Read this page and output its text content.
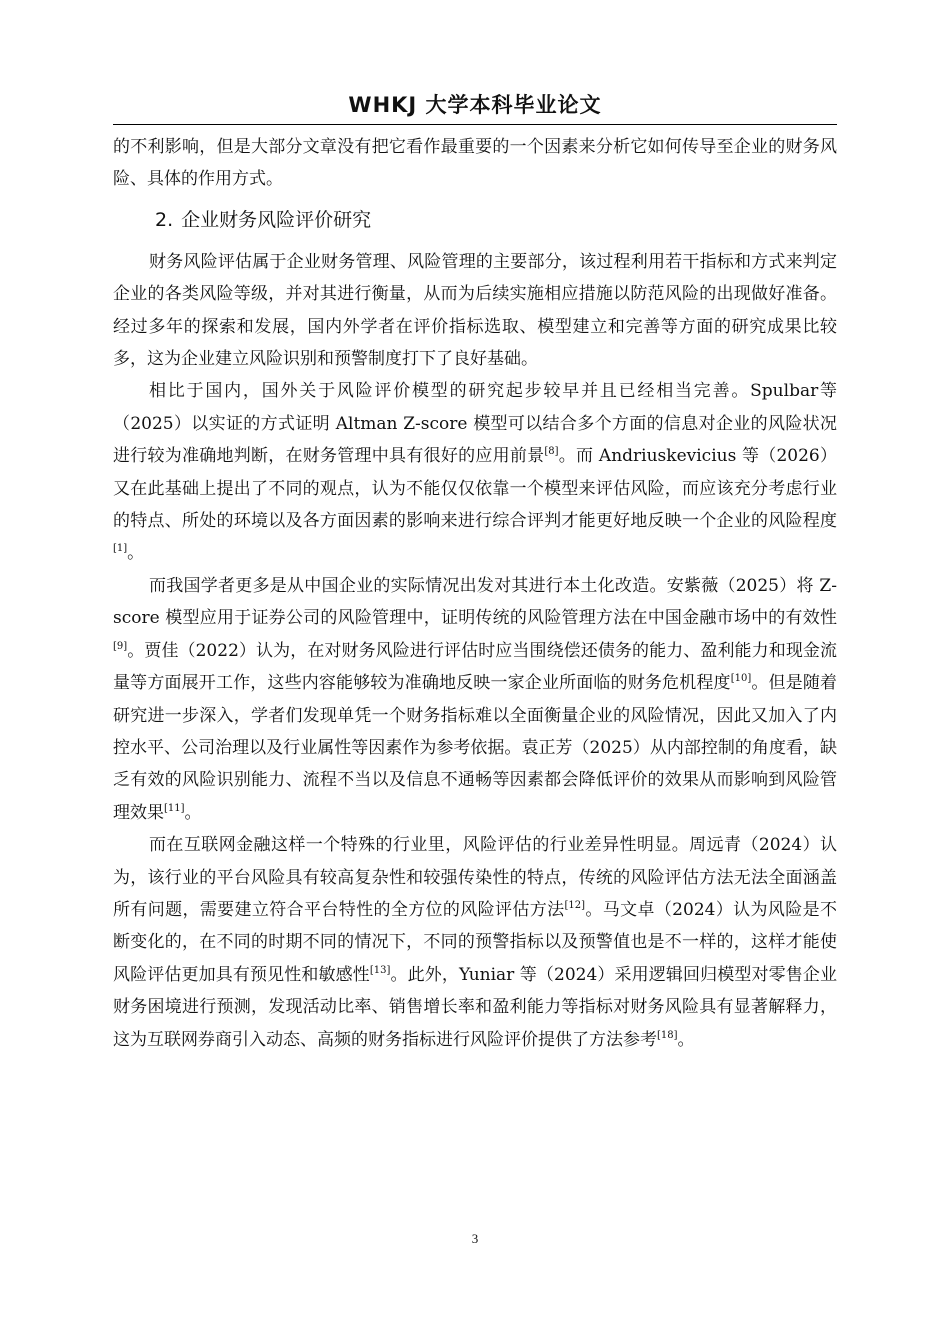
WHKJ 大学本科毕业论文

的不利影响，但是大部分文章没有把它看作最重要的一个因素来分析它如何传导至企业的财务风险、具体的作用方式。

2. 企业财务风险评价研究

财务风险评估属于企业财务管理、风险管理的主要部分，该过程利用若干指标和方式来判定企业的各类风险等级，并对其进行衡量，从而为后续实施相应措施以防范风险的出现做好准备。经过多年的探索和发展，国内外学者在评价指标选取、模型建立和完善等方面的研究成果比较多，这为企业建立风险识别和预警制度打下了良好基础。

相比于国内，国外关于风险评价模型的研究起步较早并且已经相当完善。Spulbar等（2025）以实证的方式证明 Altman Z-score 模型可以结合多个方面的信息对企业的风险状况进行较为准确地判断，在财务管理中具有很好的应用前景[8]。而 Andriuskevicius 等（2026）又在此基础上提出了不同的观点，认为不能仅仅依靠一个模型来评估风险，而应该充分考虑行业的特点、所处的环境以及各方面因素的影响来进行综合评判才能更好地反映一个企业的风险程度[1]。

而我国学者更多是从中国企业的实际情况出发对其进行本土化改造。安紫薇（2025）将 Z-score 模型应用于证券公司的风险管理中，证明传统的风险管理方法在中国金融市场中的有效性[9]。贾佳（2022）认为，在对财务风险进行评估时应当围绕偿还债务的能力、盈利能力和现金流量等方面展开工作，这些内容能够较为准确地反映一家企业所面临的财务危机程度[10]。但是随着研究进一步深入，学者们发现单凭一个财务指标难以全面衡量企业的风险情况，因此又加入了内控水平、公司治理以及行业属性等因素作为参考依据。袁正芳（2025）从内部控制的角度看，缺乏有效的风险识别能力、流程不当以及信息不通畅等因素都会降低评价的效果从而影响到风险管理效果[11]。

而在互联网金融这样一个特殊的行业里，风险评估的行业差异性明显。周远青（2024）认为，该行业的平台风险具有较高复杂性和较强传染性的特点，传统的风险评估方法无法全面涵盖所有问题，需要建立符合平台特性的全方位的风险评估方法[12]。马文卓（2024）认为风险是不断变化的，在不同的时期不同的情况下，不同的预警指标以及预警值也是不一样的，这样才能使风险评估更加具有预见性和敏感性[13]。此外，Yuniar 等（2024）采用逻辑回归模型对零售企业财务困境进行预测，发现活动比率、销售增长率和盈利能力等指标对财务风险具有显著解释力，这为互联网券商引入动态、高频的财务指标进行风险评价提供了方法参考[18]。

3
